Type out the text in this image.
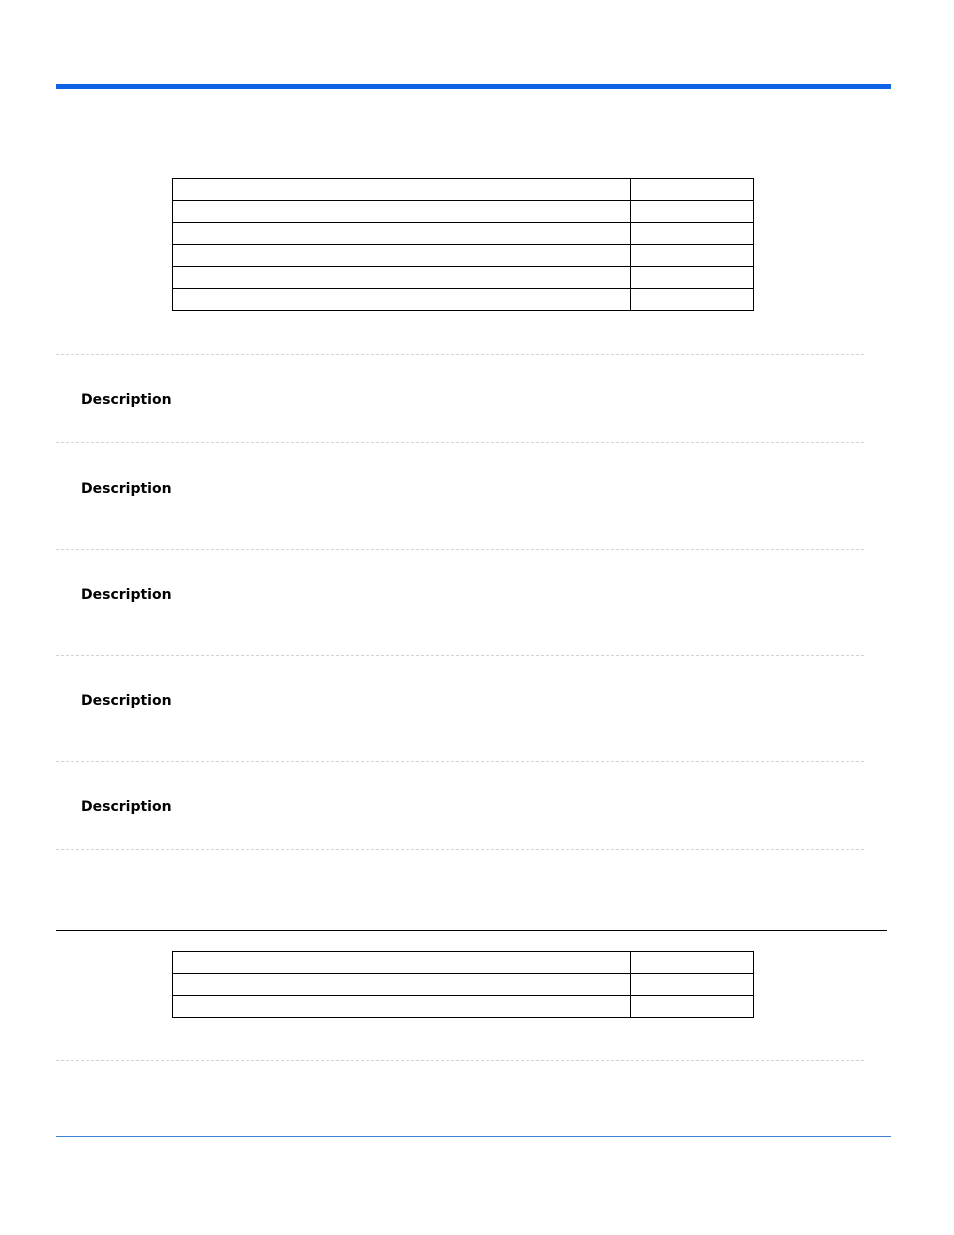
Description
Description
Description
Description
Description
